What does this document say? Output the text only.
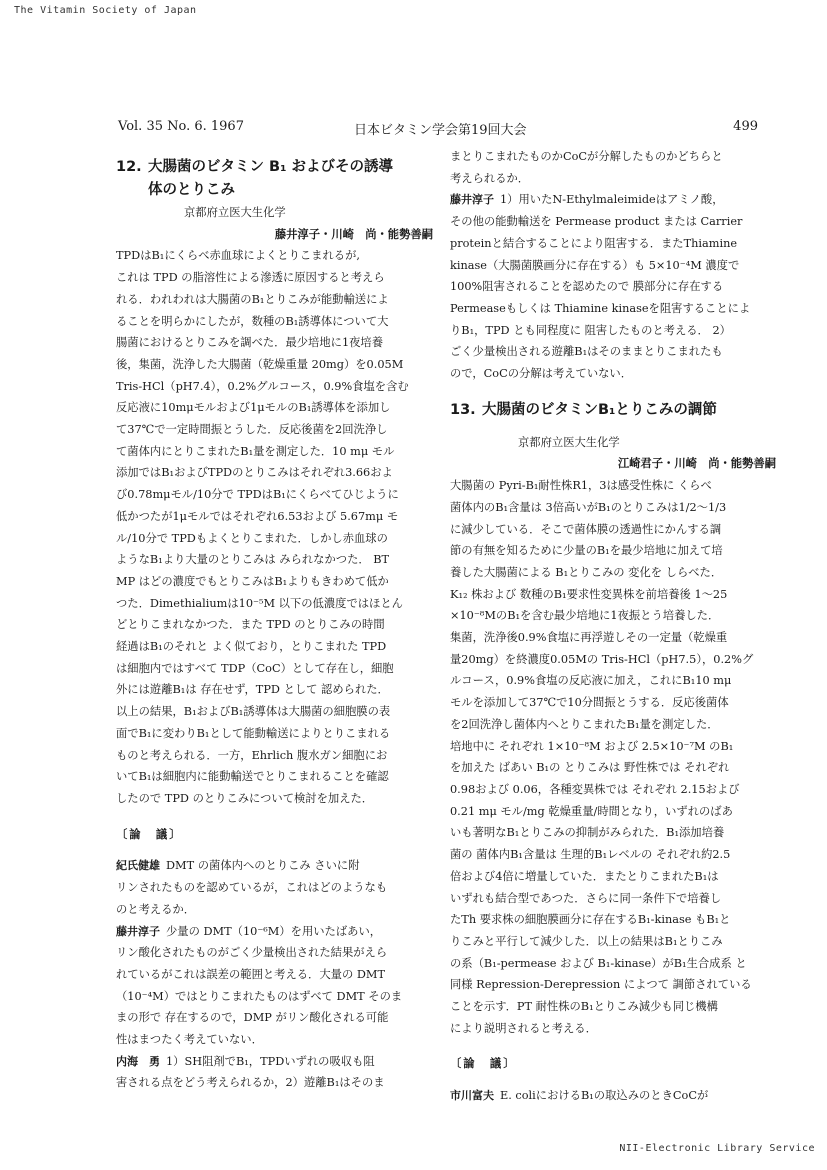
The Vitamin Society of Japan
Vol. 35 No. 6. 1967	日本ビタミン学会第19回大会	499
12. 大腸菌のビタミン B₁ およびその誘導
体のとりこみ
京都府立医大生化学
藤井淳子・川崎　尚・能勢善嗣
TPDはB₁にくらべ赤血球によくとりこまれるが,
これは TPD の脂溶性による滲透に原因すると考えら
れる．われわれは大腸菌のB₁とりこみが能動輸送によ
ることを明らかにしたが，数種のB₁誘導体について大
腸菌におけるとりこみを調べた．最少培地に1夜培養
後，集菌，洗浄した大腸菌（乾燥重量 20mg）を0.05M
Tris-HCl（pH7.4），0.2%グルコース，0.9%食塩を含む
反応液に10mμモルおよび1μモルのB₁誘導体を添加し
て37℃で一定時間振とうした．反応後菌を2回洗浄し
て菌体内にとりこまれたB₁量を測定した．10 mμ モル
添加ではB₁およびTPDのとりこみはそれぞれ3.66およ
び0.78mμモル/10分で TPDはB₁にくらべてひじように
低かつたが1μモルではそれぞれ6.53および 5.67mμ モ
ル/10分で TPDもよくとりこまれた．しかし赤血球の
ようなB₁より大量のとりこみは みられなかつた． BT
MP はどの濃度でもとりこみはB₁よりもきわめて低か
つた．Dimethialiumは10⁻⁵M 以下の低濃度ではほとん
どとりこまれなかつた．また TPD のとりこみの時間
経過はB₁のそれと よく似ており，とりこまれた TPD
は細胞内ではすべて TDP（CoC）として存在し，細胞
外には遊離B₁は 存在せず，TPD として 認められた．
以上の結果，B₁およびB₁誘導体は大腸菌の細胞膜の表
面でB₁に変わりB₁として能動輸送によりとりこまれる
ものと考えられる．一方，Ehrlich 腹水ガン細胞にお
いてB₁は細胞内に能動輸送でとりこまれることを確認
したので TPD のとりこみについて検討を加えた．
〔論　議〕
紀氏健雄 DMT の菌体内へのとりこみ さいに附
リンされたものを認めているが，これはどのようなも
のと考えるか．
藤井淳子 少量の DMT（10⁻⁶M）を用いたばあい，
リン酸化されたものがごく少量検出された結果がえら
れているがこれは誤差の範囲と考える．大量の DMT
（10⁻⁴M）ではとりこまれたものはずべて DMT そのま
まの形で 存在するので，DMP がリン酸化される可能
性はまつたく考えていない．
内海　勇 1）SH阻剤でB₁，TPDいずれの吸収も阻
害される点をどう考えられるか，2）遊離B₁はそのま
まとりこまれたものかCoCが分解したものかどちらと
考えられるか．
藤井淳子 1）用いたN-Ethylmaleimideはアミノ酸，
その他の能動輸送を Permease product または Carrier
proteinと結合することにより阻害する．またThiamine
kinase（大腸菌膜画分に存在する）も 5×10⁻⁴M 濃度で
100%阻害されることを認めたので 膜部分に存在する
Permeaseもしくは Thiamine kinaseを阻害することによ
りB₁，TPD とも同程度に 阻害したものと考える． 2）
ごく少量検出される遊離B₁はそのままとりこまれたも
ので，CoCの分解は考えていない．
13. 大腸菌のビタミンB₁とりこみの調節
京都府立医大生化学
江崎君子・川崎　尚・能勢善嗣
大腸菌の Pyri-B₁耐性株R1，3は感受性株に くらべ
菌体内のB₁含量は 3倍高いがB₁のとりこみは1/2～1/3
に減少している．そこで菌体膜の透過性にかんする調
節の有無を知るために少量のB₁を最少培地に加えて培
養した大腸菌による B₁とりこみの 変化を しらべた．
K₁₂ 株および 数種のB₁要求性変異株を前培養後 1～25
×10⁻⁸MのB₁を含む最少培地に1夜振とう培養した．
集菌，洗浄後0.9%食塩に再浮遊しその一定量（乾燥重
量20mg）を終濃度0.05Mの Tris-HCl（pH7.5），0.2%グ
ルコース，0.9%食塩の反応液に加え，これにB₁10 mμ
モルを添加して37℃で10分間振とうする．反応後菌体
を2回洗浄し菌体内へとりこまれたB₁量を測定した．
培地中に それぞれ 1×10⁻⁸M および 2.5×10⁻⁷M のB₁
を加えた ばあい B₁の とりこみは 野性株では それぞれ
0.98および 0.06，各種変異株では それぞれ 2.15および
0.21 mμ モル/mg 乾燥重量/時間となり，いずれのばあ
いも著明なB₁とりこみの抑制がみられた．B₁添加培養
菌の 菌体内B₁含量は 生理的B₁レベルの それぞれ約2.5
倍および4倍に増量していた．またとりこまれたB₁は
いずれも結合型であつた．さらに同一条件下で培養し
たTh 要求株の細胞膜画分に存在するB₁-kinase もB₁と
りこみと平行して減少した．以上の結果はB₁とりこみ
の系（B₁-permease および B₁-kinase）がB₁生合成系 と
同様 Repression-Derepression によつて 調節されている
ことを示す．PT 耐性株のB₁とりこみ減少も同じ機構
により説明されると考える．
〔論　議〕
市川富夫 E. coliにおけるB₁の取込みのときCoCが
NII-Electronic Library Service
